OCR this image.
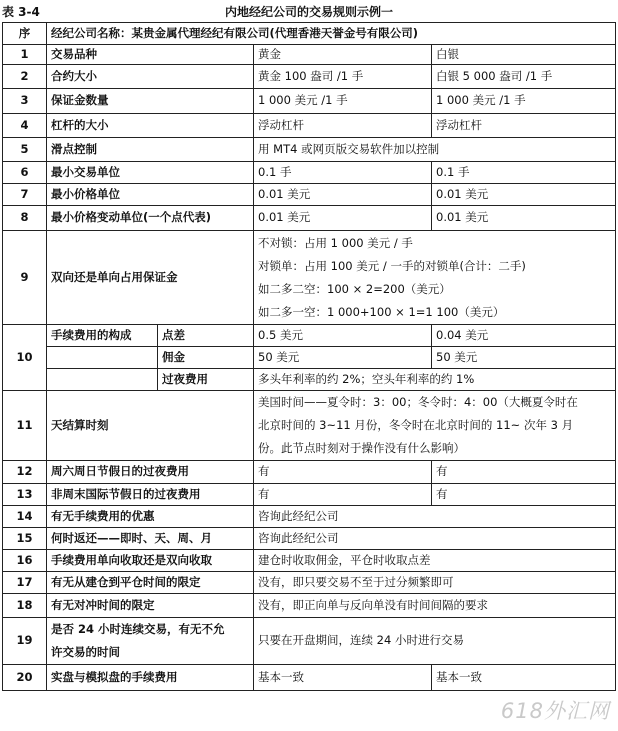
表 3-4	内地经纪公司的交易规则示例一
序	经纪公司名称：某贵金属代理经纪有限公司(代理香港天誉金号有限公司)			
1	交易品种		黄金	白银
2	合约大小		黄金 100 盎司 /1 手	白银 5 000 盎司 /1 手
3	保证金数量		1 000 美元 /1 手	1 000 美元 /1 手
4	杠杆的大小		浮动杠杆	浮动杠杆
5	滑点控制		用 MT4 或网页版交易软件加以控制	
6	最小交易单位		0.1 手	0.1 手
7	最小价格单位		0.01 美元	0.01 美元
8	最小价格变动单位(一个点代表)		0.01 美元	0.01 美元
9	双向还是单向占用保证金		不对锁：占用 1 000 美元 / 手
对锁单：占用 100 美元 / 一手的对锁单(合计：二手)
如二多二空：100 × 2=200（美元）
如二多一空：1 000+100 × 1=1 100（美元）	

10	手续费用的构成	点差	0.5 美元	0.04 美元
		佣金	50 美元	50 美元
		过夜费用	多头年利率的约 2%；空头年利率的约 1%	
11	天结算时刻		美国时间——夏令时：3：00；冬令时：4：00（大概夏令时在
北京时间的 3~11 月份，冬令时在北京时间的 11~ 次年 3 月
份。此节点时刻对于操作没有什么影响）	

12	周六周日节假日的过夜费用		有	有
13	非周末国际节假日的过夜费用		有	有
14	有无手续费用的优惠		咨询此经纪公司	
15	何时返还——即时、天、周、月		咨询此经纪公司	
16	手续费用单向收取还是双向收取		建仓时收取佣金，平仓时收取点差	
17	有无从建仓到平仓时间的限定		没有，即只要交易不至于过分频繁即可	
18	有无对冲时间的限定		没有，即正向单与反向单没有时间间隔的要求	
19	是否 24 小时连续交易，有无不允
许交易的时间		只要在开盘期间，连续 24 小时进行交易	
20	实盘与模拟盘的手续费用		基本一致	基本一致
618外汇网
